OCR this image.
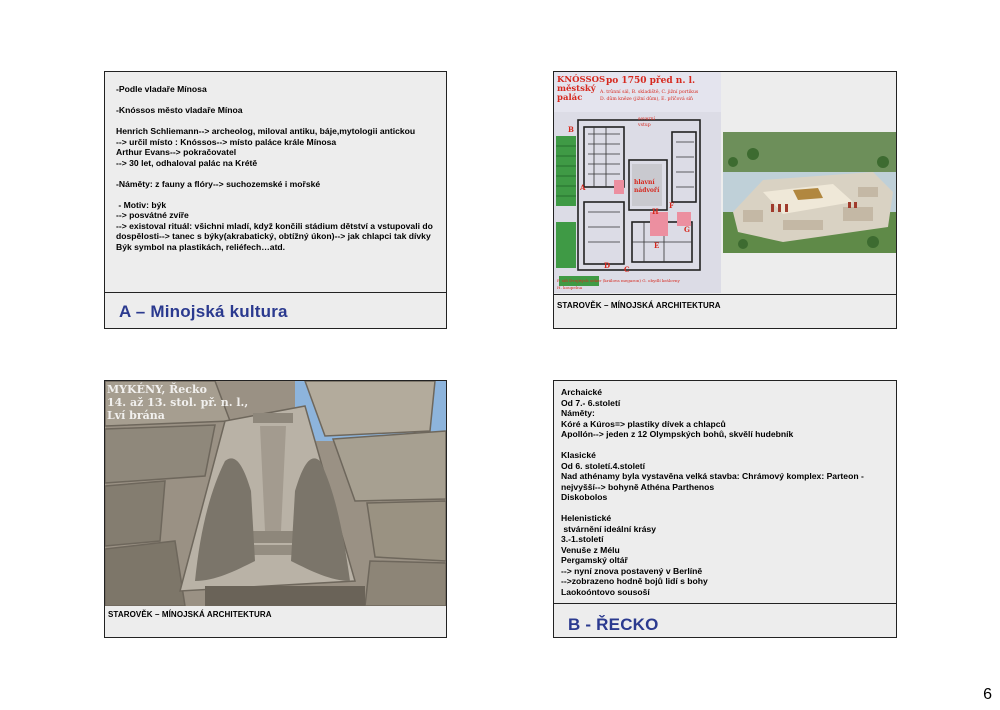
-Podle vladaře Mínosa

-Knóssos město vladaře Mínoa

Henrich Schliemann--> archeolog, miloval antiku, báje,mytologii antickou
--> určil místo : Knóssos--> místo paláce krále Mínosa
Arthur Evans--> pokračovatel
--> 30 let, odhaloval palác na Krétě

-Náměty: z fauny a flóry--> suchozemské i mořské

- Motiv: býk
--> posvátné zvíře
--> existoval rituál: všichni mladí, když končili stádium dětství a vstupovali do dospělosti--> tanec s býky(akrabatický, obtížný úkon)--> jak chlapci tak dívky
Býk symbol na plastikách, reliéfech…atd.
A – Minojská kultura
KNÓSSOS
městský
palác
po 1750 před n. l.
A. trůnní sál, B. skladiště, C. jižní portikus
D. dům kněze (jižní dům), E. příčová síň
severní
vstup
hlavní
nádvoří
F. síň Dvojitých seker (králova megaron) G. obydlí královny
H. koupelna
A
B
C
D
E
F
G
H
STAROVĚK – MÍNOJSKÁ ARCHITEKTURA
MYKÉNY, Řecko
14. až 13. stol. př. n. l.,
Lví brána
STAROVĚK – MÍNOJSKÁ ARCHITEKTURA
Archaické
Od 7.- 6.století
Náměty:
Kóré a Kúros=> plastiky dívek a chlapců
Apollón--> jeden z 12 Olympských bohů, skvělí hudebník

Klasické
Od 6. století.4.století
Nad athénamy byla vystavěna velká stavba: Chrámový komplex: Parteon -nejvyšší--> bohyně Athéna Parthenos
Diskobolos

Helenistické
stvárnění ideální krásy
3.-1.století
Venuše z Mélu
Pergamský oltář
--> nyní znova postavený v Berlíně
-->zobrazeno hodně bojů lidí s bohy
Laokoóntovo sousoší
B - ŘECKO
6
